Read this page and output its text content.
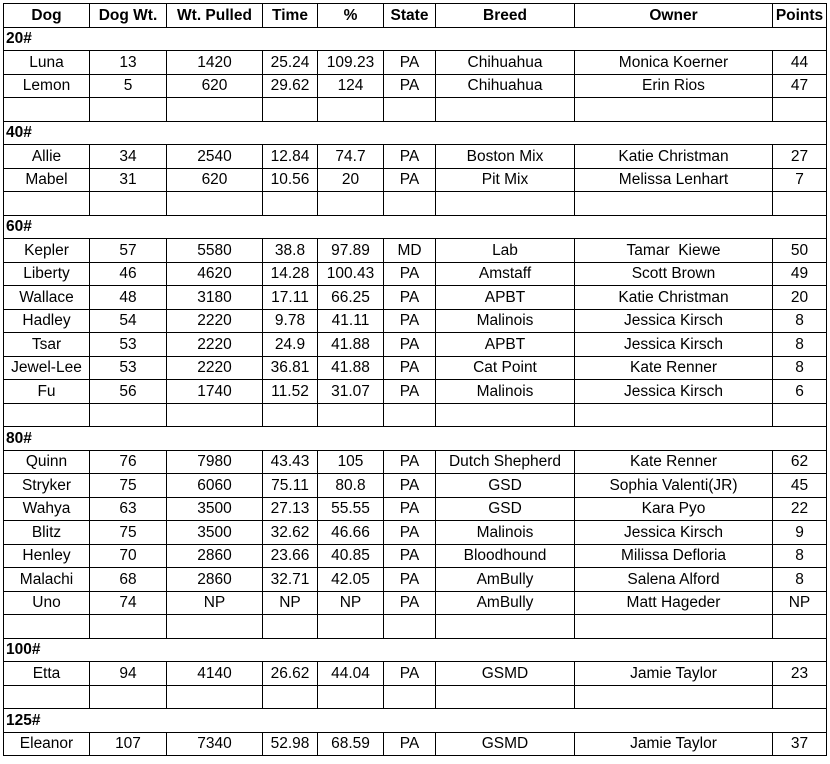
Dog	Dog Wt.	Wt. Pulled	Time	%	State	Breed	Owner	Points
20#								
Luna	13	1420	25.24	109.23	PA	Chihuahua	Monica Koerner	44
Lemon	5	620	29.62	124	PA	Chihuahua	Erin Rios	47

40#								
Allie	34	2540	12.84	74.7	PA	Boston Mix	Katie Christman	27
Mabel	31	620	10.56	20	PA	Pit Mix	Melissa Lenhart	7

60#								
Kepler	57	5580	38.8	97.89	MD	Lab	Tamar  Kiewe	50
Liberty	46	4620	14.28	100.43	PA	Amstaff	Scott Brown	49
Wallace	48	3180	17.11	66.25	PA	APBT	Katie Christman	20
Hadley	54	2220	9.78	41.11	PA	Malinois	Jessica Kirsch	8
Tsar	53	2220	24.9	41.88	PA	APBT	Jessica Kirsch	8
Jewel-Lee	53	2220	36.81	41.88	PA	Cat Point	Kate Renner	8
Fu	56	1740	11.52	31.07	PA	Malinois	Jessica Kirsch	6

80#								
Quinn	76	7980	43.43	105	PA	Dutch Shepherd	Kate Renner	62
Stryker	75	6060	75.11	80.8	PA	GSD	Sophia Valenti(JR)	45
Wahya	63	3500	27.13	55.55	PA	GSD	Kara Pyo	22
Blitz	75	3500	32.62	46.66	PA	Malinois	Jessica Kirsch	9
Henley	70	2860	23.66	40.85	PA	Bloodhound	Milissa Defloria	8
Malachi	68	2860	32.71	42.05	PA	AmBully	Salena Alford	8
Uno	74	NP	NP	NP	PA	AmBully	Matt Hageder	NP

100#								
Etta	94	4140	26.62	44.04	PA	GSMD	Jamie Taylor	23

125#								
Eleanor	107	7340	52.98	68.59	PA	GSMD	Jamie Taylor	37
